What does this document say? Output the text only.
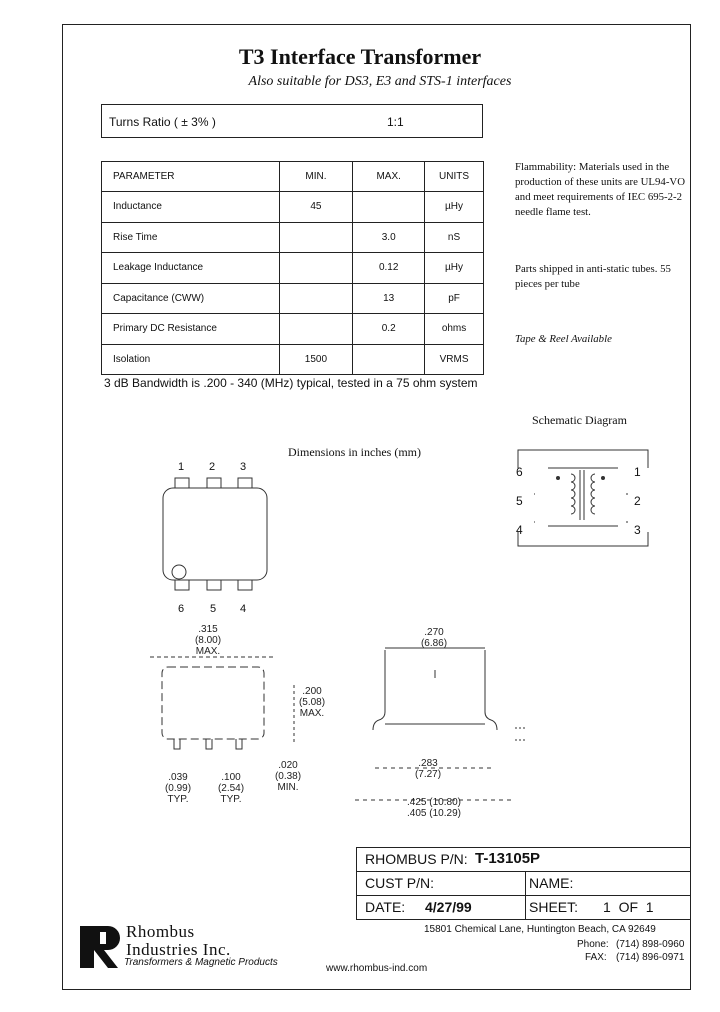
T3 Interface Transformer
Also suitable for DS3, E3 and STS-1 interfaces
Turns Ratio ( ± 3% )	1:1
PARAMETER	MIN.	MAX.	UNITS
Inductance	45		µHy
Rise Time		3.0	nS
Leakage Inductance		0.12	µHy
Capacitance (CWW)		13	pF
Primary DC Resistance		0.2	ohms
Isolation	1500		VRMS
3 dB Bandwidth is .200 - 340 (MHz) typical, tested in a 75 ohm system
Flammability: Materials used in the production of these units are UL94-VO and meet requirements of IEC 695-2-2 needle flame test.
Parts shipped in anti-static tubes. 55 pieces per tube
Tape & Reel Available
Schematic Diagram
6
5
4
1
2
3
Dimensions in inches (mm)
1 2 3
6 5 4
.315
(8.00)
MAX.
.200
(5.08)
MAX.
.039
(0.99)
TYP.
.100
(2.54)
TYP.
.020
(0.38)
MIN.
.270
(6.86)
.283
(7.27)
.425 (10.80)
.405 (10.29)
RHOMBUS P/N: T-13105P
CUST P/N:	NAME:
DATE: 4/27/99	SHEET: 1  OF  1
Rhombus
Industries Inc.
Transformers & Magnetic Products
15801 Chemical Lane, Huntington Beach, CA 92649
Phone: (714) 898-0960
FAX: (714) 896-0971
www.rhombus-ind.com
